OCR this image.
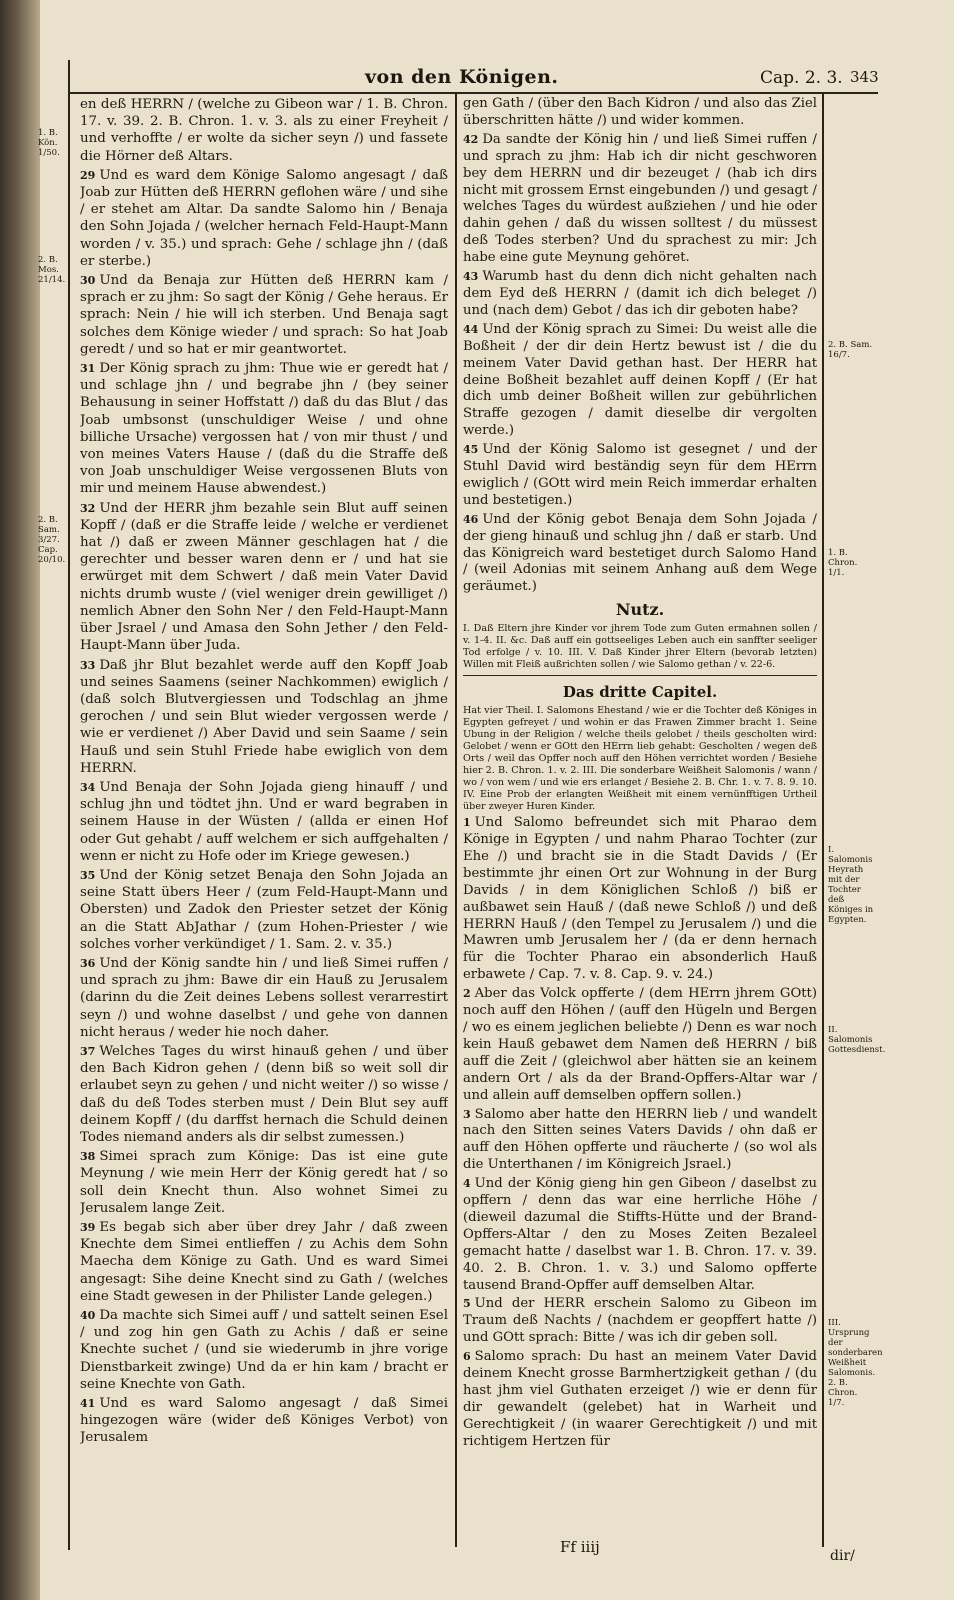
von den Königen.	Cap. 2. 3. 343
1. B. Kön. 1/50.
2. B. Mos. 21/14.
2. B. Sam. 3/27. Cap. 20/10.

en deß HERRN / (welche zu Gibeon war / 1. B. Chron. 17. v. 39. 2. B. Chron. 1. v. 3. als zu einer Freyheit / und verhoffte / er wolte da sicher seyn /) und fassete die Hörner deß Altars.

29 Und es ward dem Könige Salomo angesagt / daß Joab zur Hütten deß HERRN geflohen wäre / und sihe / er stehet am Altar. Da sandte Salomo hin / Benaja den Sohn Jojada / (welcher hernach Feld-Haupt-Mann worden / v. 35.) und sprach: Gehe / schlage jhn / (daß er sterbe.)

30 Und da Benaja zur Hütten deß HERRN kam / sprach er zu jhm: So sagt der König / Gehe heraus. Er sprach: Nein / hie will ich sterben. Und Benaja sagt solches dem Könige wieder / und sprach: So hat Joab geredt / und so hat er mir geantwortet.

31 Der König sprach zu jhm: Thue wie er geredt hat / und schlage jhn / und begrabe jhn / (bey seiner Behausung in seiner Hoffstatt /) daß du das Blut / das Joab umbsonst (unschuldiger Weise / und ohne billiche Ursache) vergossen hat / von mir thust / und von meines Vaters Hause / (daß du die Straffe deß von Joab unschuldiger Weise vergossenen Bluts von mir und meinem Hause abwendest.)

32 Und der HERR jhm bezahle sein Blut auff seinen Kopff / (daß er die Straffe leide / welche er verdienet hat /) daß er zween Männer geschlagen hat / die gerechter und besser waren denn er / und hat sie erwürget mit dem Schwert / daß mein Vater David nichts drumb wuste / (viel weniger drein gewilliget /) nemlich Abner den Sohn Ner / den Feld-Haupt-Mann über Jsrael / und Amasa den Sohn Jether / den Feld-Haupt-Mann über Juda.

33 Daß jhr Blut bezahlet werde auff den Kopff Joab und seines Saamens (seiner Nachkommen) ewiglich / (daß solch Blutvergiessen und Todschlag an jhme gerochen / und sein Blut wieder vergossen werde / wie er verdienet /) Aber David und sein Saame / sein Hauß und sein Stuhl Friede habe ewiglich von dem HERRN.

34 Und Benaja der Sohn Jojada gieng hinauff / und schlug jhn und tödtet jhn. Und er ward begraben in seinem Hause in der Wüsten / (allda er einen Hof oder Gut gehabt / auff welchem er sich auffgehalten / wenn er nicht zu Hofe oder im Kriege gewesen.)

35 Und der König setzet Benaja den Sohn Jojada an seine Statt übers Heer / (zum Feld-Haupt-Mann und Obersten) und Zadok den Priester setzet der König an die Statt AbJathar / (zum Hohen-Priester / wie solches vorher verkündiget / 1. Sam. 2. v. 35.)

36 Und der König sandte hin / und ließ Simei ruffen / und sprach zu jhm: Bawe dir ein Hauß zu Jerusalem (darinn du die Zeit deines Lebens sollest verarrestirt seyn /) und wohne daselbst / und gehe von dannen nicht heraus / weder hie noch daher.

37 Welches Tages du wirst hinauß gehen / und über den Bach Kidron gehen / (denn biß so weit soll dir erlaubet seyn zu gehen / und nicht weiter /) so wisse / daß du deß Todes sterben must / Dein Blut sey auff deinem Kopff / (du darffst hernach die Schuld deinen Todes niemand anders als dir selbst zumessen.)

38 Simei sprach zum Könige: Das ist eine gute Meynung / wie mein Herr der König geredt hat / so soll dein Knecht thun. Also wohnet Simei zu Jerusalem lange Zeit.

39 Es begab sich aber über drey Jahr / daß zween Knechte dem Simei entlieffen / zu Achis dem Sohn Maecha dem Könige zu Gath. Und es ward Simei angesagt: Sihe deine Knecht sind zu Gath / (welches eine Stadt gewesen in der Philister Lande gelegen.)

40 Da machte sich Simei auff / und sattelt seinen Esel / und zog hin gen Gath zu Achis / daß er seine Knechte suchet / (und sie wiederumb in jhre vorige Dienstbarkeit zwinge) Und da er hin kam / bracht er seine Knechte von Gath.

41 Und es ward Salomo angesagt / daß Simei hingezogen wäre (wider deß Königes Verbot) von Jerusalem

gen Gath / (über den Bach Kidron / und also das Ziel überschritten hätte /) und wider kommen.

42 Da sandte der König hin / und ließ Simei ruffen / und sprach zu jhm: Hab ich dir nicht geschworen bey dem HERRN und dir bezeuget / (hab ich dirs nicht mit grossem Ernst eingebunden /) und gesagt / welches Tages du würdest außziehen / und hie oder dahin gehen / daß du wissen solltest / du müssest deß Todes sterben? Und du sprachest zu mir: Jch habe eine gute Meynung gehöret.

43 Warumb hast du denn dich nicht gehalten nach dem Eyd deß HERRN / (damit ich dich beleget /) und (nach dem) Gebot / das ich dir geboten habe?

44 Und der König sprach zu Simei: Du weist alle die Boßheit / der dir dein Hertz bewust ist / die du meinem Vater David gethan hast. Der HERR hat deine Boßheit bezahlet auff deinen Kopff / (Er hat dich umb deiner Boßheit willen zur gebührlichen Straffe gezogen / damit dieselbe dir vergolten werde.)

45 Und der König Salomo ist gesegnet / und der Stuhl David wird beständig seyn für dem HErrn ewiglich / (GOtt wird mein Reich immerdar erhalten und bestetigen.)

46 Und der König gebot Benaja dem Sohn Jojada / der gieng hinauß und schlug jhn / daß er starb. Und das Königreich ward bestetiget durch Salomo Hand / (weil Adonias mit seinem Anhang auß dem Wege geräumet.)

Nutz.

I. Daß Eltern jhre Kinder vor jhrem Tode zum Guten ermahnen sollen / v. 1-4. II. &c. Daß auff ein gottseeliges Leben auch ein sanffter seeliger Tod erfolge / v. 10. III. V. Daß Kinder jhrer Eltern (bevorab letzten) Willen mit Fleiß außrichten sollen / wie Salomo gethan / v. 22-6.

Das dritte Capitel.

Hat vier Theil. I. Salomons Ehestand / wie er die Tochter deß Königes in Egypten gefreyet / und wohin er das Frawen Zimmer bracht 1. Seine Ubung in der Religion / welche theils gelobet / theils gescholten wird: Gelobet / wenn er GOtt den HErrn lieb gehabt: Gescholten / wegen deß Orts / weil das Opffer noch auff den Höhen verrichtet worden / Besiehe hier 2. B. Chron. 1. v. 2. III. Die sonderbare Weißheit Salomonis / wann / wo / von wem / und wie ers erlanget / Besiehe 2. B. Chr. 1. v. 7. 8. 9. 10. IV. Eine Prob der erlangten Weißheit mit einem vernünfftigen Urtheil über zweyer Huren Kinder.

1 Und Salomo befreundet sich mit Pharao dem Könige in Egypten / und nahm Pharao Tochter (zur Ehe /) und bracht sie in die Stadt Davids / (Er bestimmte jhr einen Ort zur Wohnung in der Burg Davids / in dem Königlichen Schloß /) biß er außbawet sein Hauß / (daß newe Schloß /) und deß HERRN Hauß / (den Tempel zu Jerusalem /) und die Mawren umb Jerusalem her / (da er denn hernach für die Tochter Pharao ein absonderlich Hauß erbawete / Cap. 7. v. 8. Cap. 9. v. 24.)

2 Aber das Volck opfferte / (dem HErrn jhrem GOtt) noch auff den Höhen / (auff den Hügeln und Bergen / wo es einem jeglichen beliebte /) Denn es war noch kein Hauß gebawet dem Namen deß HERRN / biß auff die Zeit / (gleichwol aber hätten sie an keinem andern Ort / als da der Brand-Opffers-Altar war / und allein auff demselben opffern sollen.)

3 Salomo aber hatte den HERRN lieb / und wandelt nach den Sitten seines Vaters Davids / ohn daß er auff den Höhen opfferte und räucherte / (so wol als die Unterthanen / im Königreich Jsrael.)

4 Und der König gieng hin gen Gibeon / daselbst zu opffern / denn das war eine herrliche Höhe / (dieweil dazumal die Stiffts-Hütte und der Brand-Opffers-Altar / den zu Moses Zeiten Bezaleel gemacht hatte / daselbst war 1. B. Chron. 17. v. 39. 40. 2. B. Chron. 1. v. 3.) und Salomo opfferte tausend Brand-Opffer auff demselben Altar.

5 Und der HERR erschein Salomo zu Gibeon im Traum deß Nachts / (nachdem er geopffert hatte /) und GOtt sprach: Bitte / was ich dir geben soll.

6 Salomo sprach: Du hast an meinem Vater David deinem Knecht grosse Barmhertzigkeit gethan / (du hast jhm viel Guthaten erzeiget /) wie er denn für dir gewandelt (gelebet) hat in Warheit und Gerechtigkeit / (in waarer Gerechtigkeit /) und mit richtigem Hertzen für

2. B. Sam. 16/7.
1. B. Chron. 1/1.
I. Salomonis Heyrath mit der Tochter deß Königes in Egypten.
II. Salomonis Gottesdienst.
III. Ursprung der sonderbaren Weißheit Salomonis. 2. B. Chron. 1/7.
Ff iiij	dir/
